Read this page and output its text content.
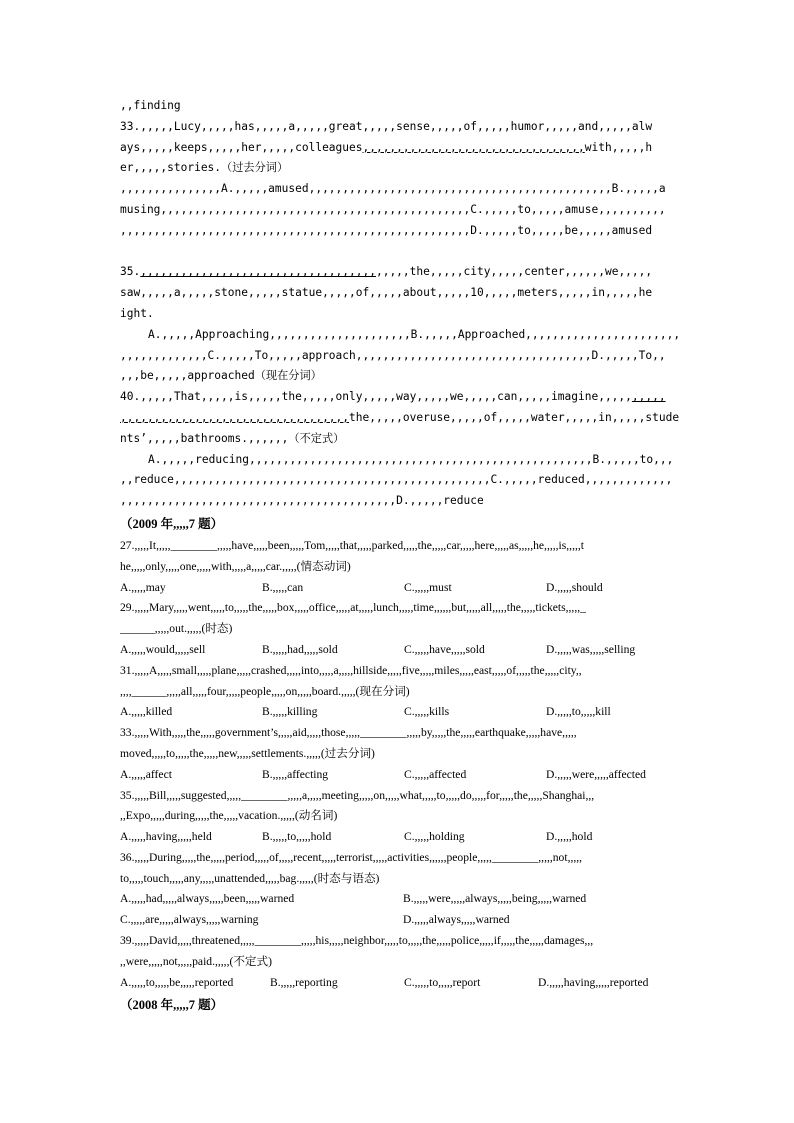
,,finding
33.,,,,,Lucy,,,,,has,,,,,a,,,,,great,,,,,sense,,,,,of,,,,,humor,,,,,and,,,,,alw
ays,,,,,keeps,,,,,her,,,,,colleagues,,,,,,,,,,,,,,,,,,,,,,,,,,,,,,,,,with,,,,,h
er,,,,,stories.（过去分词）
,,,,,,,,,,,,,,,A.,,,,,amused,,,,,,,,,,,,,,,,,,,,,,,,,,,,,,,,,,,,,,,,,,,,,B.,,,,,a
musing,,,,,,,,,,,,,,,,,,,,,,,,,,,,,,,,,,,,,,,,,,,,,,C.,,,,,to,,,,,amuse,,,,,,,,,,
,,,,,,,,,,,,,,,,,,,,,,,,,,,,,,,,,,,,,,,,,,,,,,,,,,,,D.,,,,,to,,,,,be,,,,,amused
35.,,,,,,,,,,,,,,,,,,,,,,,,,,,,,,,,,,,,,,,,the,,,,,city,,,,,center,,,,,,we,,,,,
saw,,,,,a,,,,,stone,,,,,statue,,,,,of,,,,,about,,,,,10,,,,,meters,,,,,in,,,,,he
ight.
A.,,,,,Approaching,,,,,,,,,,,,,,,,,,,,,B.,,,,,Approached,,,,,,,,,,,,,,,,,,,,,,,
,,,,,,,,,,,,,C.,,,,,To,,,,,approach,,,,,,,,,,,,,,,,,,,,,,,,,,,,,,,,,,,D.,,,,,To,,
,,,be,,,,,approached（现在分词）
40.,,,,,That,,,,,is,,,,,the,,,,,only,,,,,way,,,,,we,,,,,can,,,,,imagine,,,,,,,,,,
,,,,,,,,,,,,,,,,,,,,,,,,,,,,,,,,,,the,,,,,overuse,,,,,of,,,,,water,,,,,in,,,,,stude
nts’,,,,,bathrooms.,,,,,,（不定式）
A.,,,,,reducing,,,,,,,,,,,,,,,,,,,,,,,,,,,,,,,,,,,,,,,,,,,,,,,,,,,B.,,,,,to,,,
,,reduce,,,,,,,,,,,,,,,,,,,,,,,,,,,,,,,,,,,,,,,,,,,,,,,C.,,,,,reduced,,,,,,,,,,,,,
,,,,,,,,,,,,,,,,,,,,,,,,,,,,,,,,,,,,,,,,,D.,,,,,reduce
（2009 年,,,,,7 题）
27.,,,,,It,,,,,________,,,,,have,,,,,been,,,,,Tom,,,,,that,,,,,parked,,,,,the,,,,,car,,,,,here,,,,,as,,,,,he,,,,,is,,,,,t
he,,,,,only,,,,,one,,,,,with,,,,,a,,,,,car.,,,,,(情态动词)
A.,,,,,may	B.,,,,,can	C.,,,,,must	D.,,,,,should
29.,,,,,Mary,,,,,went,,,,,to,,,,,the,,,,,box,,,,,office,,,,,at,,,,,lunch,,,,,time,,,,,,but,,,,,all,,,,,the,,,,,tickets,,,,,_
______,,,,,out.,,,,,(时态)
A.,,,,,would,,,,,sell	B.,,,,,had,,,,,sold	C.,,,,,have,,,,,sold	D.,,,,,was,,,,,selling
31.,,,,,A,,,,,small,,,,,plane,,,,,crashed,,,,,into,,,,,a,,,,,hillside,,,,,five,,,,,miles,,,,,east,,,,,of,,,,,the,,,,,city,,
,,,,______,,,,,all,,,,,four,,,,,people,,,,,on,,,,,board.,,,,,(现在分词)
A.,,,,,killed	B.,,,,,killing	C.,,,,,kills	D.,,,,,to,,,,,kill
33.,,,,,With,,,,,the,,,,,government’s,,,,,aid,,,,,those,,,,,________,,,,,by,,,,,the,,,,,earthquake,,,,,have,,,,,
moved,,,,,to,,,,,the,,,,,new,,,,,settlements.,,,,,(过去分词)
A.,,,,,affect	B.,,,,,affecting	C.,,,,,affected	D.,,,,,were,,,,,affected
35.,,,,,Bill,,,,,suggested,,,,,________,,,,,a,,,,,meeting,,,,,on,,,,,what,,,,,to,,,,,do,,,,,for,,,,,the,,,,,Shanghai,,,
,,Expo,,,,,during,,,,,the,,,,,vacation.,,,,,(动名词)
A.,,,,,having,,,,,held	B.,,,,,to,,,,,hold	C.,,,,,holding	D.,,,,,hold
36.,,,,,During,,,,,the,,,,,period,,,,,of,,,,,recent,,,,,terrorist,,,,,activities,,,,,,people,,,,,________,,,,,not,,,,,
to,,,,,touch,,,,,any,,,,,unattended,,,,,bag.,,,,,(时态与语态)
A.,,,,,had,,,,,always,,,,,been,,,,,warned	B.,,,,,were,,,,,always,,,,,being,,,,,warned
C.,,,,,are,,,,,always,,,,,warning	D.,,,,,always,,,,,warned
39.,,,,,David,,,,,threatened,,,,,________,,,,,his,,,,,neighbor,,,,,to,,,,,the,,,,,police,,,,,if,,,,,the,,,,,damages,,,
,,were,,,,,not,,,,,paid.,,,,,(不定式)
A.,,,,,to,,,,,be,,,,,reported	B.,,,,,reporting	C.,,,,,to,,,,,report	D.,,,,,having,,,,,reported
（2008 年,,,,,7 题）
